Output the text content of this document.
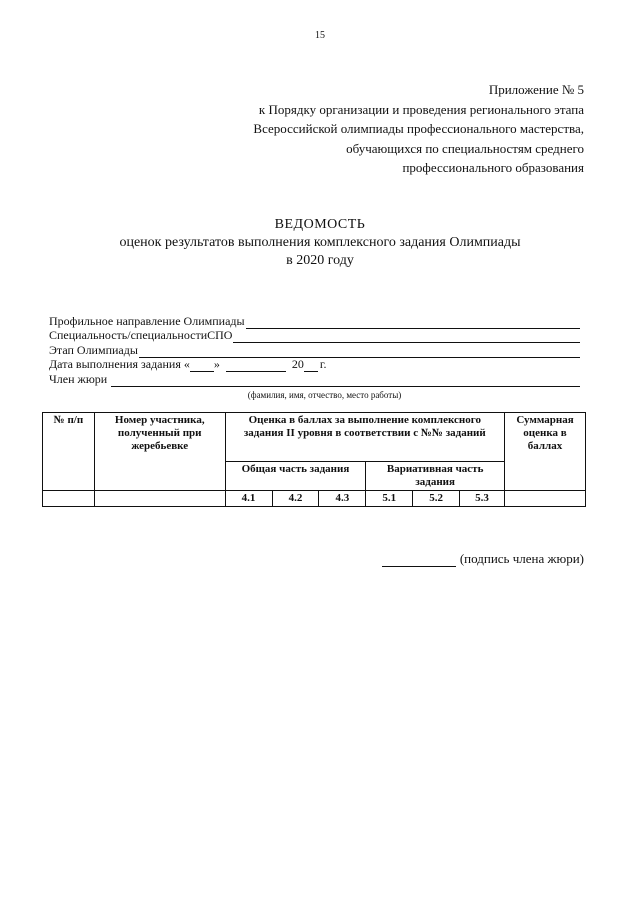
15
Приложение № 5
к Порядку организации и проведения регионального этапа
Всероссийской олимпиады профессионального мастерства,
обучающихся по специальностям среднего
профессионального образования
ВЕДОМОСТЬ
оценок результатов выполнения комплексного задания Олимпиады
в 2020 году
Профильное направление Олимпиады
Специальность/специальностиСПО
Этап Олимпиады
Дата выполнения задания « »	20 г.
Член жюри
(фамилия, имя, отчество, место работы)
№ п/п	Номер участника, полученный при жеребьевке	Оценка в баллах за выполнение комплексного задания II уровня в соответствии с №№ заданий						Суммарная оценка в баллах
		Общая часть задания			Вариативная часть задания			
		4.1	4.2	4.3	5.1	5.2	5.3	
(подпись члена жюри)
